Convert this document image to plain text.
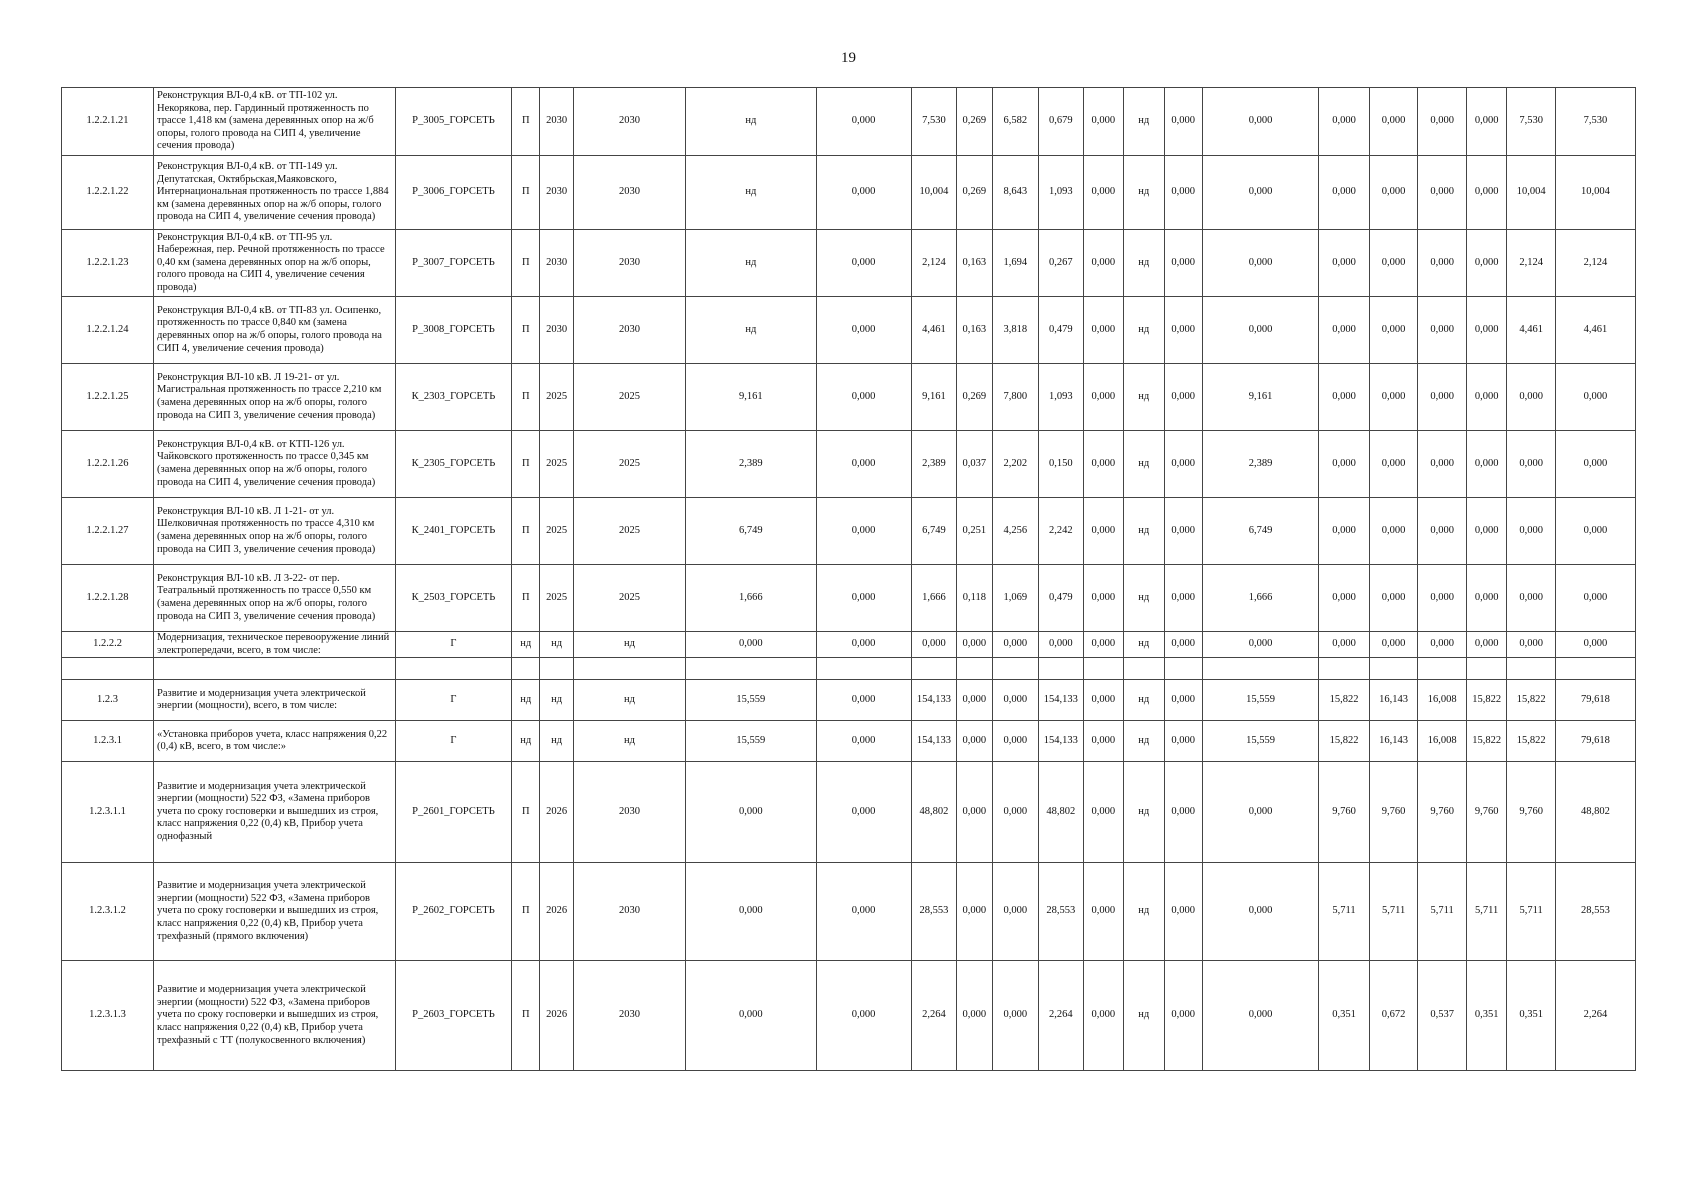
19
1.2.2.1.21	Реконструкция ВЛ-0,4 кВ. от ТП-102 ул. Некорякова, пер. Гардинный протяженность по трассе 1,418 км (замена деревянных опор на ж/б опоры, голого провода на СИП 4, увеличение сечения провода)	Р_3005_ГОРСЕТЬ	П	2030	2030	нд	0,000	7,530	0,269	6,582	0,679	0,000	нд	0,000	0,000	0,000	0,000	0,000	0,000	7,530	7,530
1.2.2.1.22	Реконструкция ВЛ-0,4 кВ. от ТП-149 ул. Депутатская, Октябрьская,Маяковского, Интернациональная протяженность по трассе 1,884 км (замена деревянных опор на ж/б опоры, голого провода на СИП 4, увеличение сечения провода)	Р_3006_ГОРСЕТЬ	П	2030	2030	нд	0,000	10,004	0,269	8,643	1,093	0,000	нд	0,000	0,000	0,000	0,000	0,000	0,000	10,004	10,004
1.2.2.1.23	Реконструкция ВЛ-0,4 кВ. от ТП-95 ул. Набережная, пер. Речной протяженность по трассе 0,40 км (замена деревянных опор на ж/б опоры, голого провода на СИП 4, увеличение сечения провода)	Р_3007_ГОРСЕТЬ	П	2030	2030	нд	0,000	2,124	0,163	1,694	0,267	0,000	нд	0,000	0,000	0,000	0,000	0,000	0,000	2,124	2,124
1.2.2.1.24	Реконструкция ВЛ-0,4 кВ. от ТП-83 ул. Осипенко, протяженность по трассе 0,840 км (замена деревянных опор на ж/б опоры, голого провода на СИП 4, увеличение сечения провода)	Р_3008_ГОРСЕТЬ	П	2030	2030	нд	0,000	4,461	0,163	3,818	0,479	0,000	нд	0,000	0,000	0,000	0,000	0,000	0,000	4,461	4,461
1.2.2.1.25	Реконструкция ВЛ-10 кВ. Л 19-21- от ул. Магистральная протяженность по трассе 2,210 км (замена деревянных опор на ж/б опоры, голого провода на СИП 3, увеличение сечения провода)	К_2303_ГОРСЕТЬ	П	2025	2025	9,161	0,000	9,161	0,269	7,800	1,093	0,000	нд	0,000	9,161	0,000	0,000	0,000	0,000	0,000	0,000
1.2.2.1.26	Реконструкция ВЛ-0,4 кВ. от КТП-126 ул. Чайковского протяженность по трассе 0,345 км (замена деревянных опор на ж/б опоры, голого провода на СИП 4, увеличение сечения провода)	К_2305_ГОРСЕТЬ	П	2025	2025	2,389	0,000	2,389	0,037	2,202	0,150	0,000	нд	0,000	2,389	0,000	0,000	0,000	0,000	0,000	0,000
1.2.2.1.27	Реконструкция ВЛ-10 кВ. Л 1-21- от ул. Шелковичная протяженность по трассе 4,310 км (замена деревянных опор на ж/б опоры, голого провода на СИП 3, увеличение сечения провода)	К_2401_ГОРСЕТЬ	П	2025	2025	6,749	0,000	6,749	0,251	4,256	2,242	0,000	нд	0,000	6,749	0,000	0,000	0,000	0,000	0,000	0,000
1.2.2.1.28	Реконструкция ВЛ-10 кВ. Л 3-22- от пер. Театральный протяженность по трассе 0,550 км (замена деревянных опор на ж/б опоры, голого провода на СИП 3, увеличение сечения провода)	К_2503_ГОРСЕТЬ	П	2025	2025	1,666	0,000	1,666	0,118	1,069	0,479	0,000	нд	0,000	1,666	0,000	0,000	0,000	0,000	0,000	0,000
1.2.2.2	Модернизация, техническое перевооружение линий электропередачи, всего, в том числе:	Г	нд	нд	нд	0,000	0,000	0,000	0,000	0,000	0,000	0,000	нд	0,000	0,000	0,000	0,000	0,000	0,000	0,000	0,000

1.2.3	Развитие и модернизация учета электрической энергии (мощности), всего, в том числе:	Г	нд	нд	нд	15,559	0,000	154,133	0,000	0,000	154,133	0,000	нд	0,000	15,559	15,822	16,143	16,008	15,822	15,822	79,618
1.2.3.1	«Установка приборов учета, класс напряжения 0,22 (0,4) кВ, всего, в том числе:»	Г	нд	нд	нд	15,559	0,000	154,133	0,000	0,000	154,133	0,000	нд	0,000	15,559	15,822	16,143	16,008	15,822	15,822	79,618
1.2.3.1.1	Развитие и модернизация учета электрической энергии (мощности) 522 ФЗ, «Замена приборов учета по сроку госповерки и вышедших из строя, класс напряжения 0,22 (0,4) кВ, Прибор учета однофазный	Р_2601_ГОРСЕТЬ	П	2026	2030	0,000	0,000	48,802	0,000	0,000	48,802	0,000	нд	0,000	0,000	9,760	9,760	9,760	9,760	9,760	48,802
1.2.3.1.2	Развитие и модернизация учета электрической энергии (мощности) 522 ФЗ, «Замена приборов учета по сроку госповерки и вышедших из строя, класс напряжения 0,22 (0,4) кВ, Прибор учета трехфазный (прямого включения)	Р_2602_ГОРСЕТЬ	П	2026	2030	0,000	0,000	28,553	0,000	0,000	28,553	0,000	нд	0,000	0,000	5,711	5,711	5,711	5,711	5,711	28,553
1.2.3.1.3	Развитие и модернизация учета электрической энергии (мощности) 522 ФЗ, «Замена приборов учета по сроку госповерки и вышедших из строя, класс напряжения 0,22 (0,4) кВ, Прибор учета трехфазный с ТТ (полукосвенного включения)	Р_2603_ГОРСЕТЬ	П	2026	2030	0,000	0,000	2,264	0,000	0,000	2,264	0,000	нд	0,000	0,000	0,351	0,672	0,537	0,351	0,351	2,264
